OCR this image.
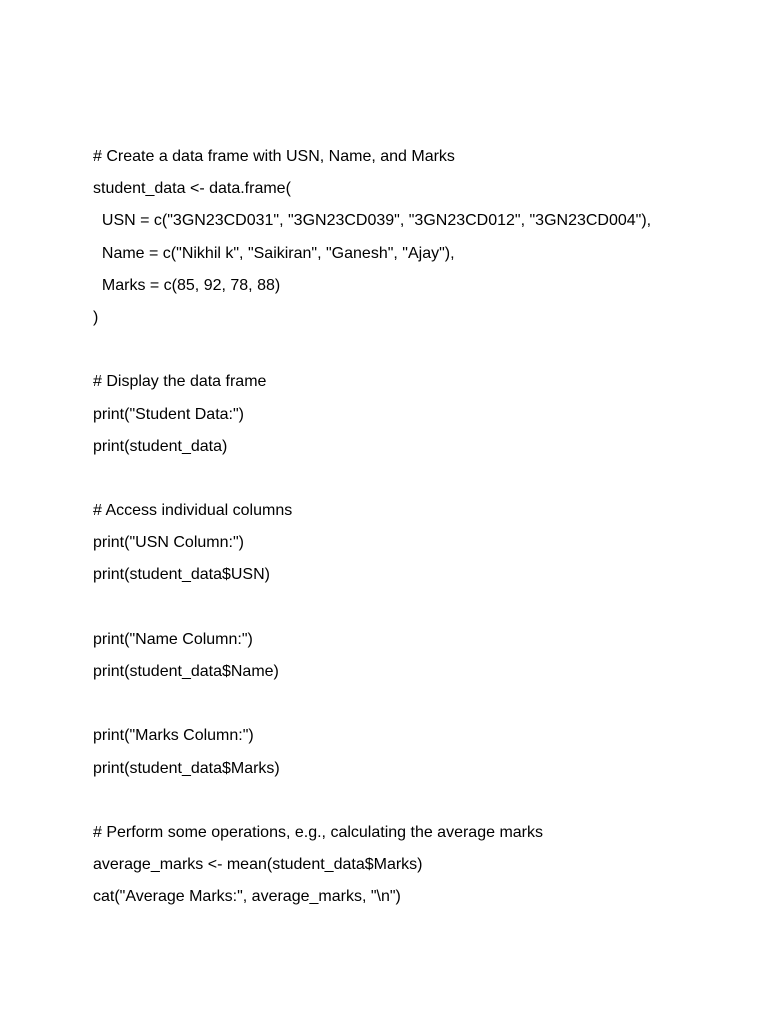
# Create a data frame with USN, Name, and Marks
student_data <- data.frame(
USN = c("3GN23CD031", "3GN23CD039", "3GN23CD012", "3GN23CD004"),
Name = c("Nikhil k", "Saikiran", "Ganesh", "Ajay"),
Marks = c(85, 92, 78, 88)
)
# Display the data frame
print("Student Data:")
print(student_data)
# Access individual columns
print("USN Column:")
print(student_data$USN)
print("Name Column:")
print(student_data$Name)
print("Marks Column:")
print(student_data$Marks)
# Perform some operations, e.g., calculating the average marks
average_marks <- mean(student_data$Marks)
cat("Average Marks:", average_marks, "\n")
